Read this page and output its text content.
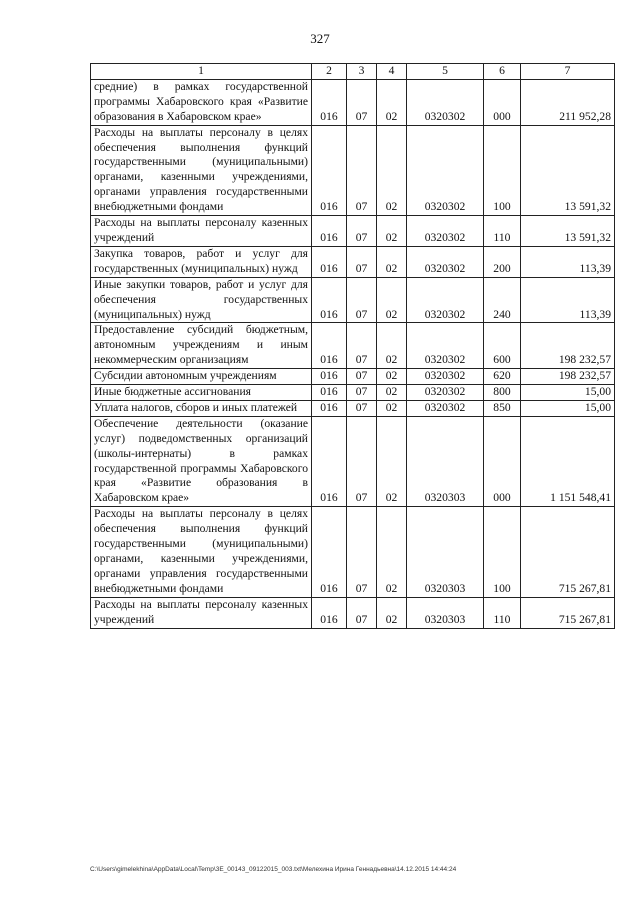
327
1	2	3	4	5	6	7
средние) в рамках государственной программы Хабаровского края «Развитие образования в Хабаровском крае»	016	07	02	0320302	000	211 952,28
Расходы на выплаты персоналу в целях обеспечения выполнения функций государственными (муниципальными) органами, казенными учреждениями, органами управления государственными внебюджетными фондами	016	07	02	0320302	100	13 591,32
Расходы на выплаты персоналу казенных учреждений	016	07	02	0320302	110	13 591,32
Закупка товаров, работ и услуг для государственных (муниципальных) нужд	016	07	02	0320302	200	113,39
Иные закупки товаров, работ и услуг для обеспечения государственных (муниципальных) нужд	016	07	02	0320302	240	113,39
Предоставление субсидий бюджетным, автономным учреждениям и иным некоммерческим организациям	016	07	02	0320302	600	198 232,57
Субсидии автономным учреждениям	016	07	02	0320302	620	198 232,57
Иные бюджетные ассигнования	016	07	02	0320302	800	15,00
Уплата налогов, сборов и иных платежей	016	07	02	0320302	850	15,00
Обеспечение деятельности (оказание услуг) подведомственных организаций (школы-интернаты) в рамках государственной программы Хабаровского края «Развитие образования в Хабаровском крае»	016	07	02	0320303	000	1 151 548,41
Расходы на выплаты персоналу в целях обеспечения выполнения функций государственными (муниципальными) органами, казенными учреждениями, органами управления государственными внебюджетными фондами	016	07	02	0320303	100	715 267,81
Расходы на выплаты персоналу казенных учреждений	016	07	02	0320303	110	715 267,81
C:\Users\gimelekhina\AppData\Local\Temp\3E_00143_09122015_003.txt\Мелехина Ирина Геннадьевна\14.12.2015 14:44:24
